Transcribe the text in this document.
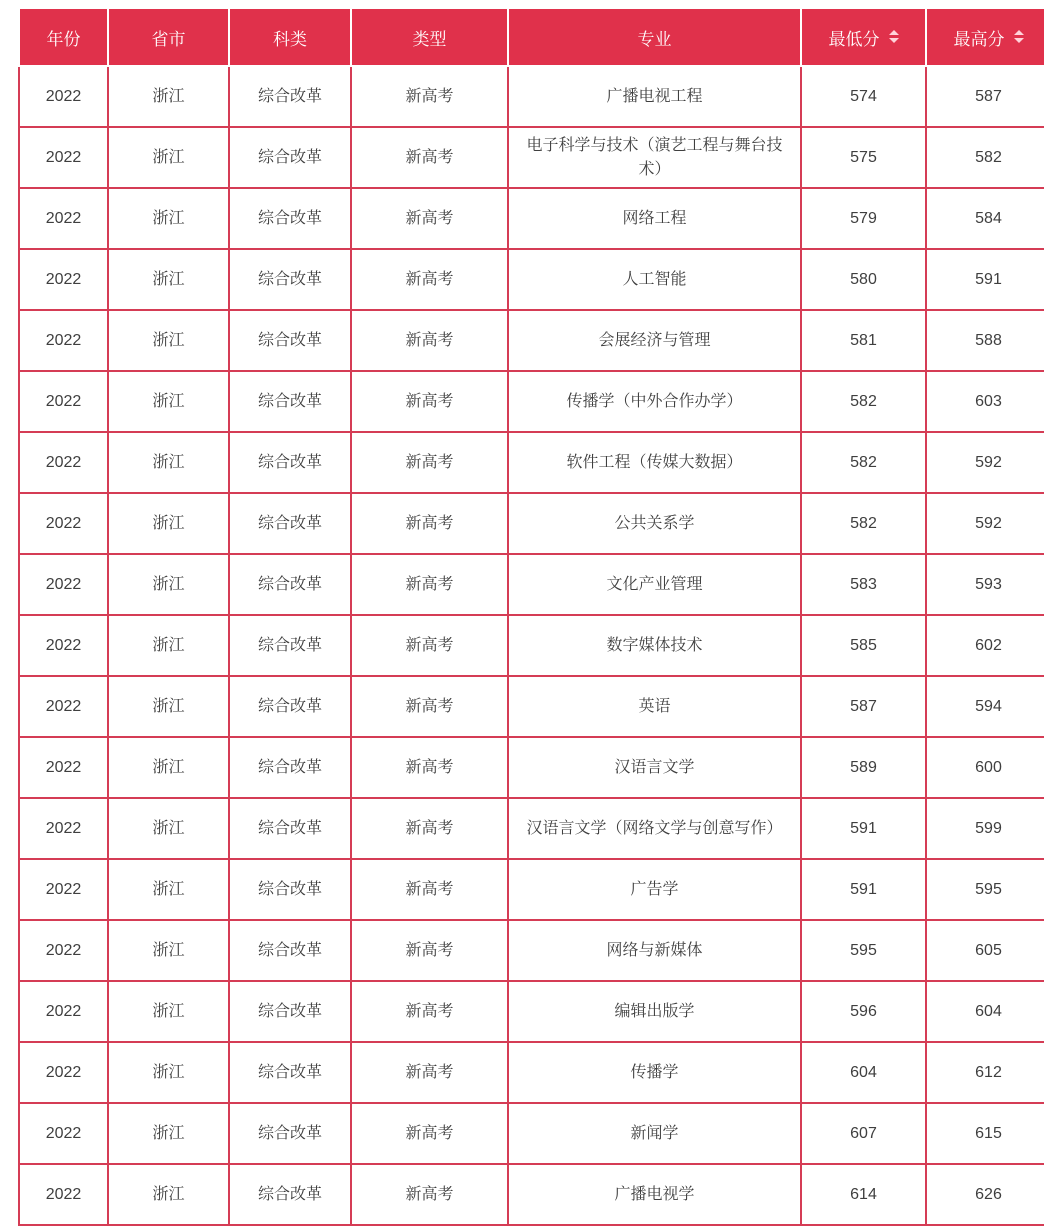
年份	省市	科类	类型	专业	最低分	最高分

2022	浙江	综合改革	新高考	广播电视工程	574	587
2022	浙江	综合改革	新高考	电子科学与技术（演艺工程与舞台技术）	575	582
2022	浙江	综合改革	新高考	网络工程	579	584
2022	浙江	综合改革	新高考	人工智能	580	591
2022	浙江	综合改革	新高考	会展经济与管理	581	588
2022	浙江	综合改革	新高考	传播学（中外合作办学）	582	603
2022	浙江	综合改革	新高考	软件工程（传媒大数据）	582	592
2022	浙江	综合改革	新高考	公共关系学	582	592
2022	浙江	综合改革	新高考	文化产业管理	583	593
2022	浙江	综合改革	新高考	数字媒体技术	585	602
2022	浙江	综合改革	新高考	英语	587	594
2022	浙江	综合改革	新高考	汉语言文学	589	600
2022	浙江	综合改革	新高考	汉语言文学（网络文学与创意写作）	591	599
2022	浙江	综合改革	新高考	广告学	591	595
2022	浙江	综合改革	新高考	网络与新媒体	595	605
2022	浙江	综合改革	新高考	编辑出版学	596	604
2022	浙江	综合改革	新高考	传播学	604	612
2022	浙江	综合改革	新高考	新闻学	607	615
2022	浙江	综合改革	新高考	广播电视学	614	626
